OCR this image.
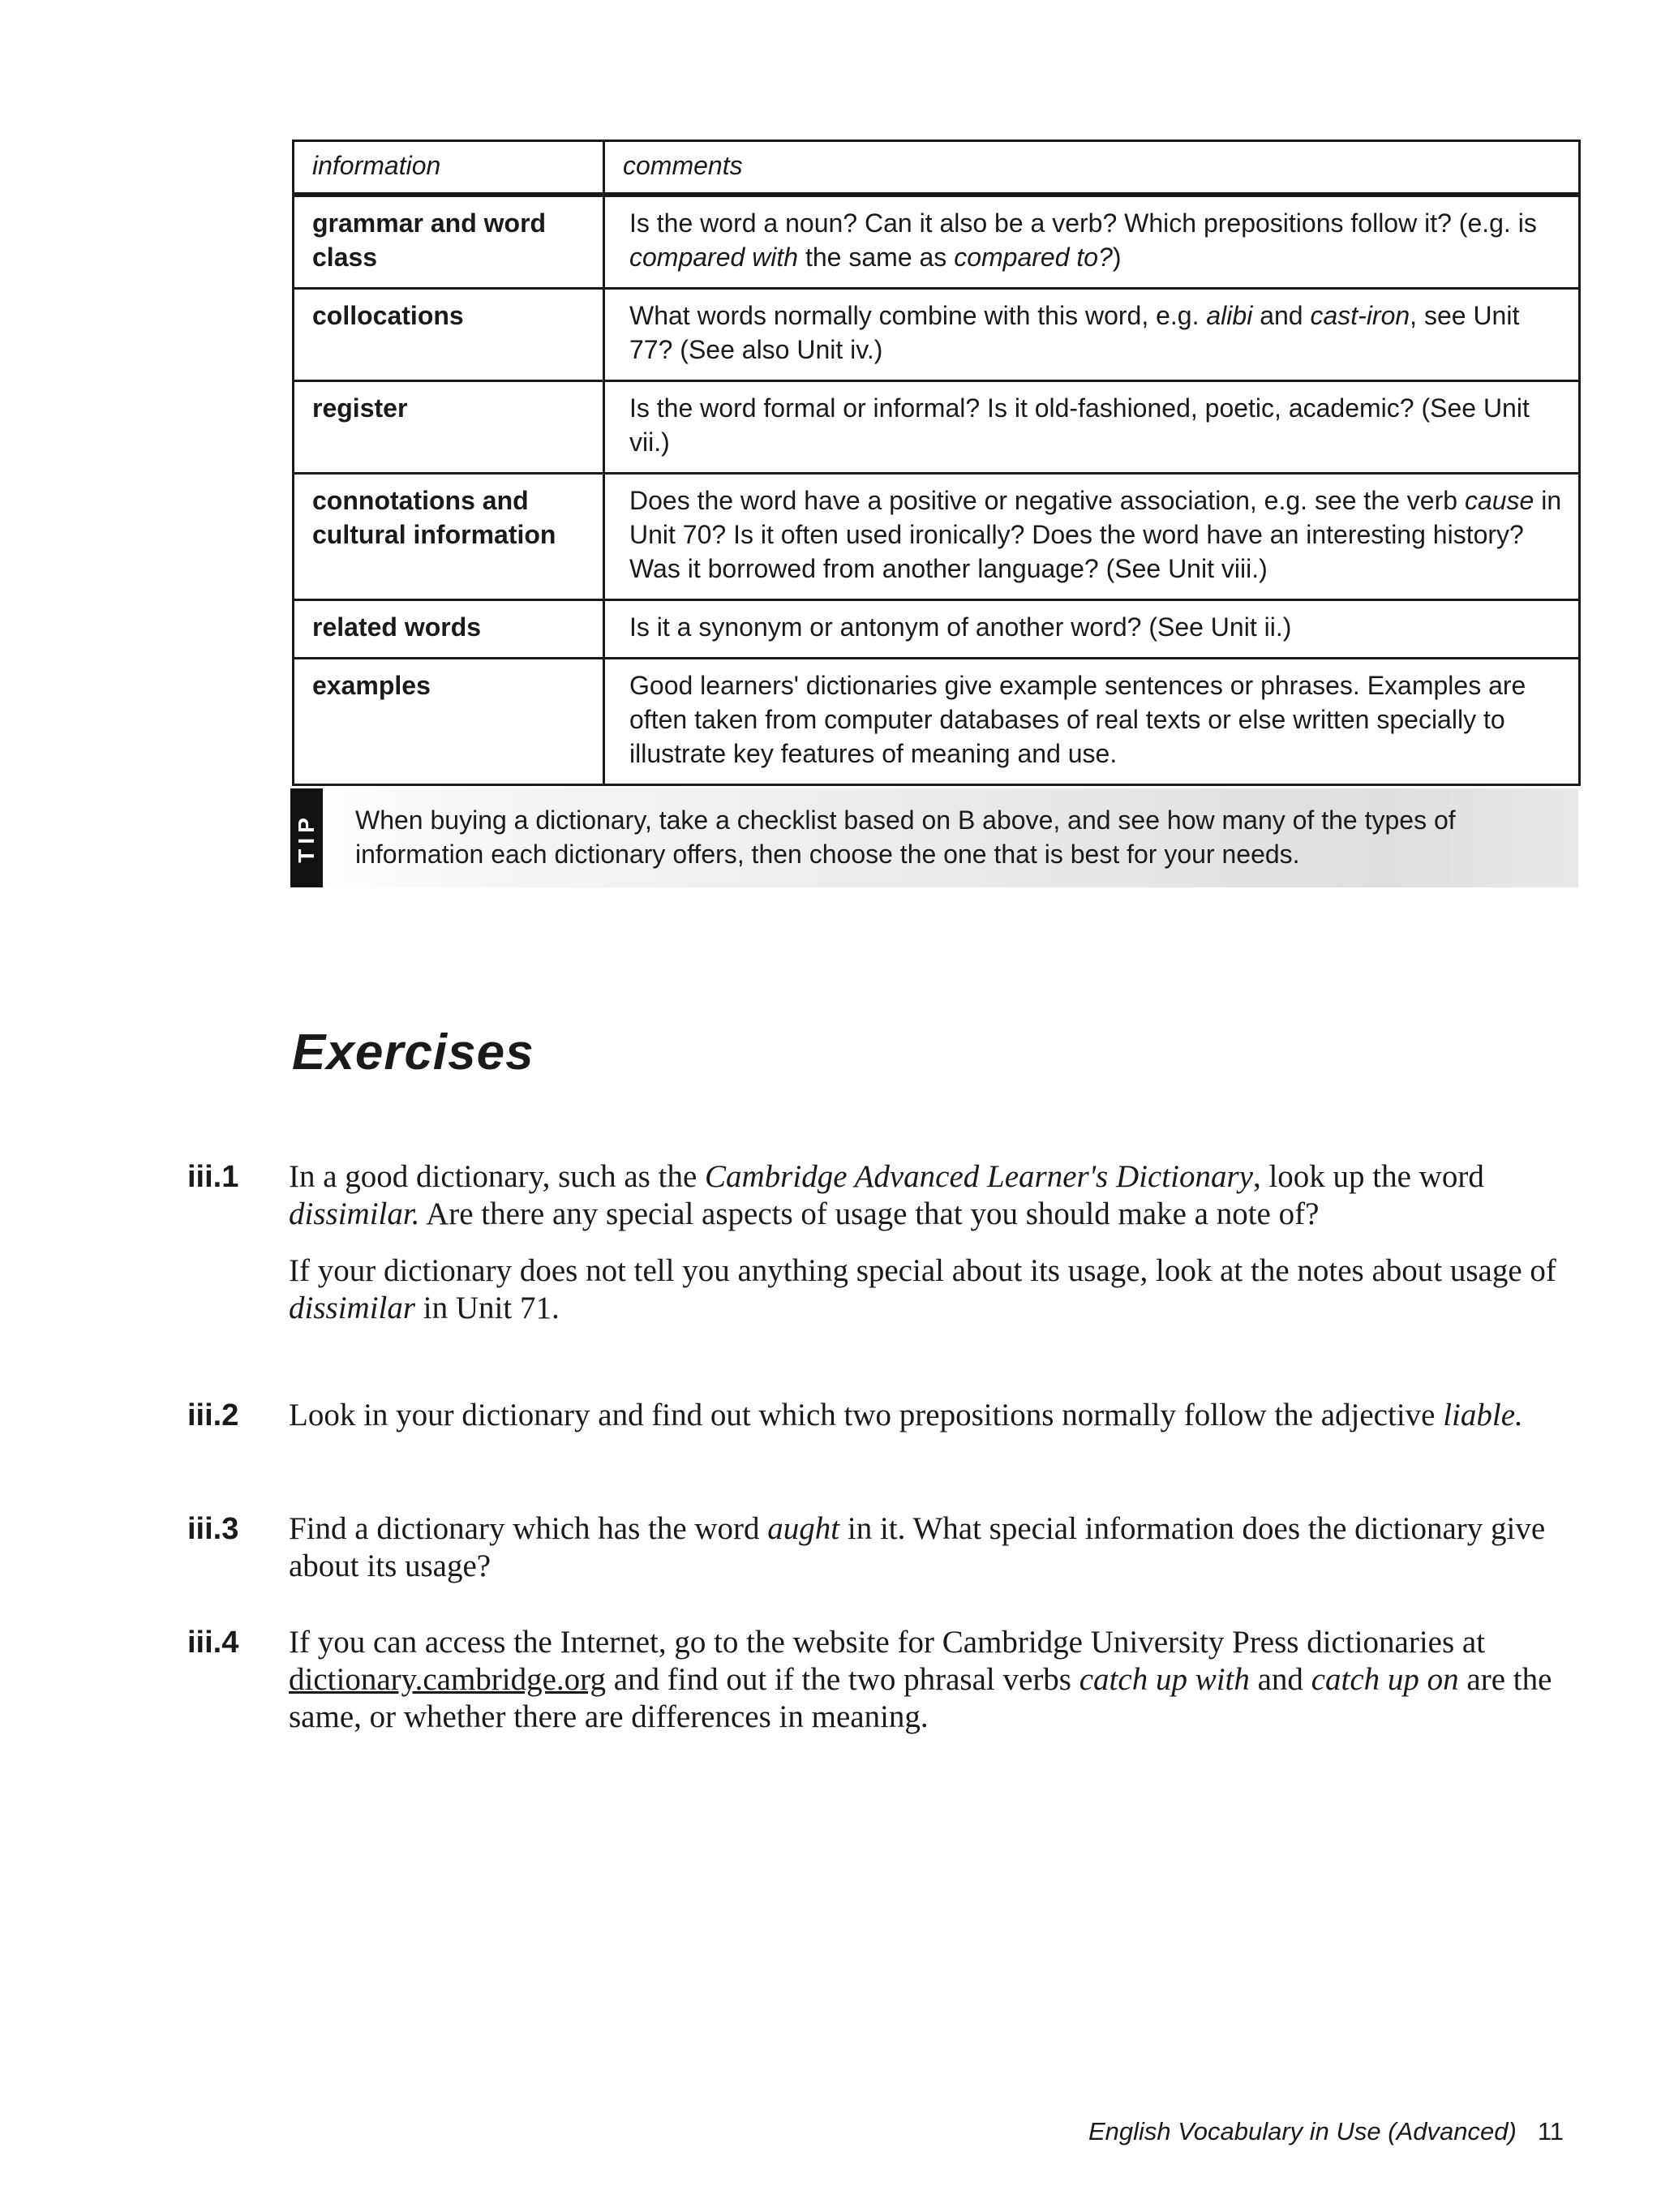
information	comments
grammar and word class	Is the word a noun? Can it also be a verb? Which prepositions follow it? (e.g. is compared with the same as compared to?)
collocations	What words normally combine with this word, e.g. alibi and cast-iron, see Unit 77? (See also Unit iv.)
register	Is the word formal or informal? Is it old-fashioned, poetic, academic? (See Unit vii.)
connotations and cultural information	Does the word have a positive or negative association, e.g. see the verb cause in Unit 70? Is it often used ironically? Does the word have an interesting history? Was it borrowed from another language? (See Unit viii.)
related words	Is it a synonym or antonym of another word? (See Unit ii.)
examples	Good learners' dictionaries give example sentences or phrases. Examples are often taken from computer databases of real texts or else written specially to illustrate key features of meaning and use.
TIP When buying a dictionary, take a checklist based on B above, and see how many of the types of information each dictionary offers, then choose the one that is best for your needs.
Exercises
iii.1 In a good dictionary, such as the Cambridge Advanced Learner's Dictionary, look up the word dissimilar. Are there any special aspects of usage that you should make a note of?

If your dictionary does not tell you anything special about its usage, look at the notes about usage of dissimilar in Unit 71.

iii.2 Look in your dictionary and find out which two prepositions normally follow the adjective liable.

iii.3 Find a dictionary which has the word aught in it. What special information does the dictionary give about its usage?

iii.4 If you can access the Internet, go to the website for Cambridge University Press dictionaries at dictionary.cambridge.org and find out if the two phrasal verbs catch up with and catch up on are the same, or whether there are differences in meaning.

English Vocabulary in Use (Advanced) 11
